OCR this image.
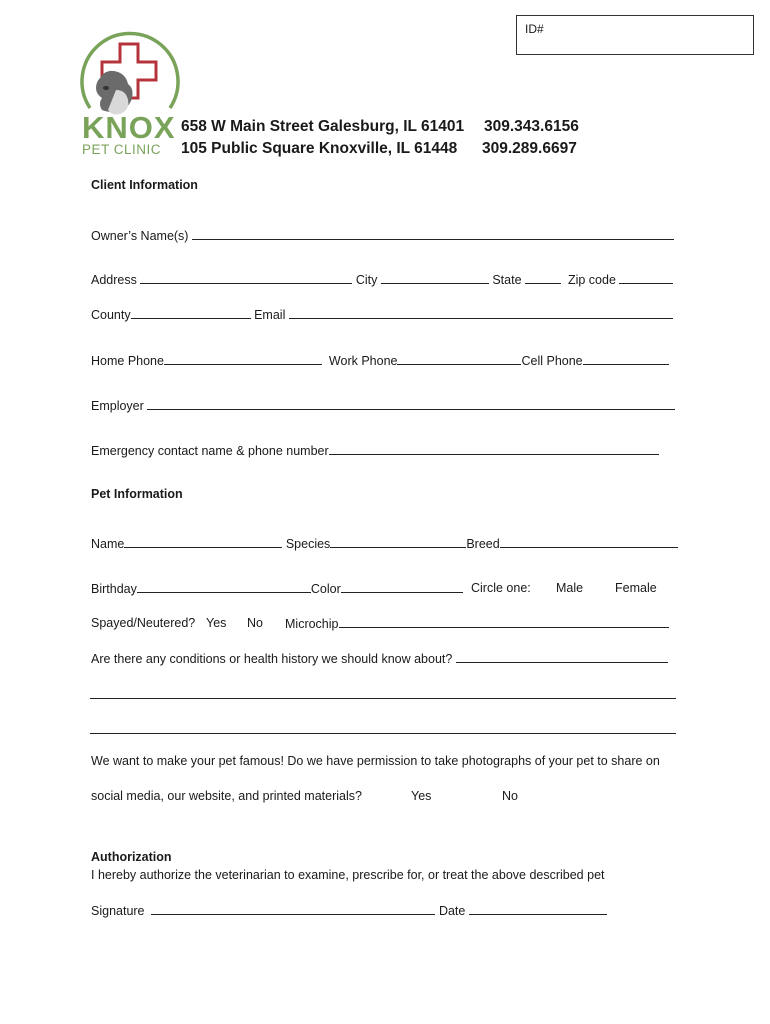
ID#
KNOX
PET CLINIC
658 W Main Street Galesburg, IL 61401 309.343.6156
105 Public Square Knoxville, IL 61448 309.289.6697
Client Information
Owner’s Name(s)
Address	City	State	Zip code
County	Email
Home Phone	Work Phone	Cell Phone
Employer
Emergency contact name & phone number
Pet Information
Name	Species	Breed
Birthday	Color	Circle one: Male	Female
Spayed/Neutered? Yes No Microchip
Are there any conditions or health history we should know about?
We want to make your pet famous! Do we have permission to take photographs of your pet to share on
social media, our website, and printed materials?	Yes	No
Authorization
I hereby authorize the veterinarian to examine, prescribe for, or treat the above described pet
Signature	Date
